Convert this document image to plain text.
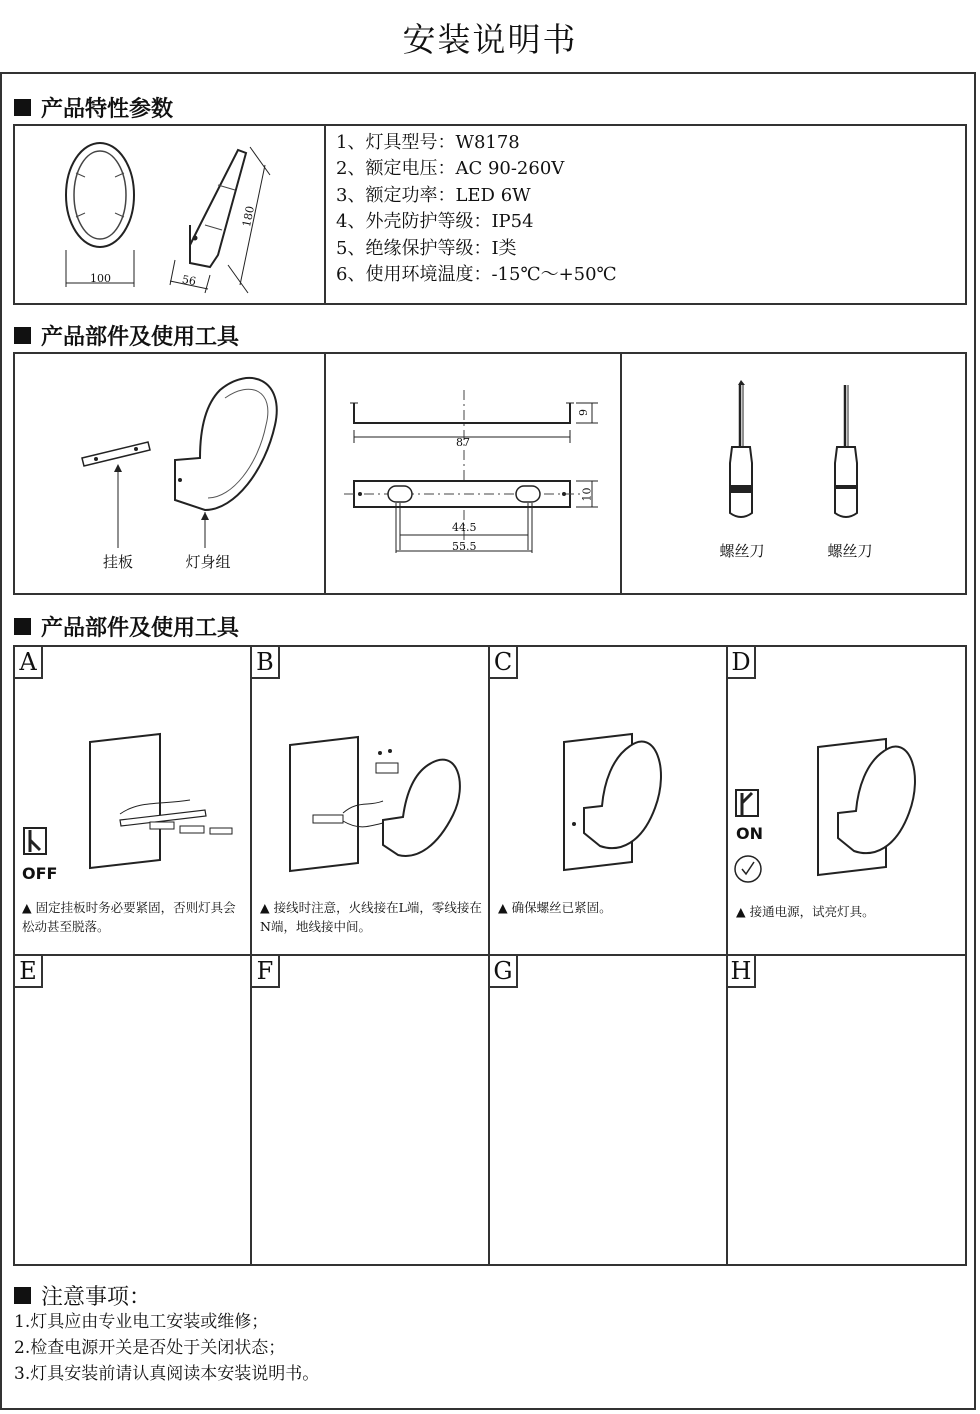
安装说明书
产品特性参数
100	56
180
1、灯具型号：W8178
2、额定电压：AC 90-260V
3、额定功率：LED 6W
4、外壳防护等级：IP54
5、绝缘保护等级：I类
6、使用环境温度：-15℃～+50℃
产品部件及使用工具
挂板	灯身组
87
9
44.5
55.5
10
螺丝刀	螺丝刀
产品部件及使用工具
A	B	C	D
E	F	G	H
OFF
▲ 固定挂板时务必要紧固，否则灯具会松动甚至脱落。
▲ 接线时注意，火线接在L端，零线接在N端，地线接中间。
▲ 确保螺丝已紧固。
ON
▲ 接通电源，试亮灯具。
注意事项：
1.灯具应由专业电工安装或维修；
2.检查电源开关是否处于关闭状态；
3.灯具安装前请认真阅读本安装说明书。
